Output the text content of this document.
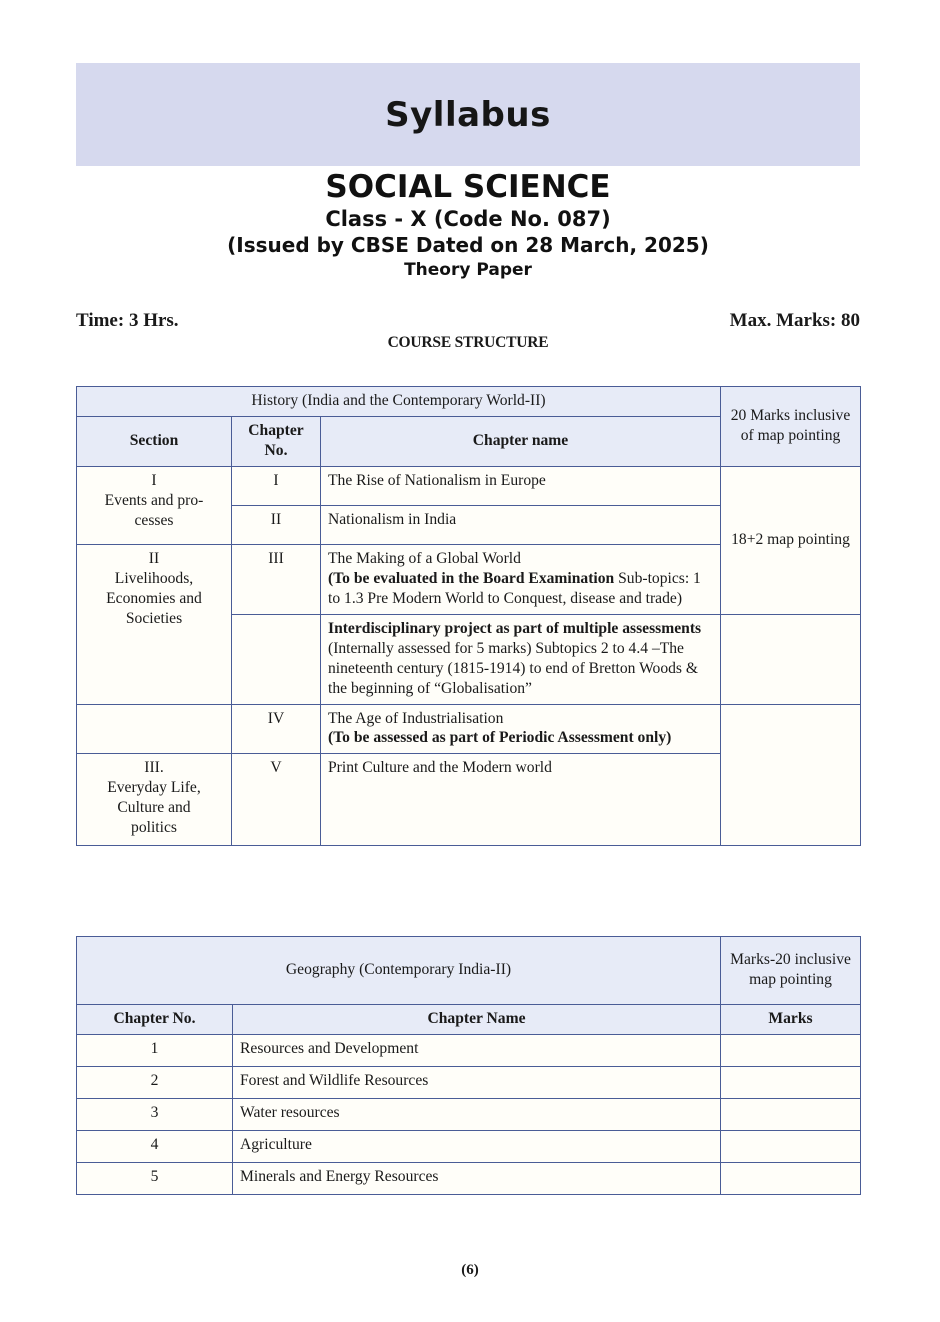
Syllabus
SOCIAL SCIENCE
Class - X (Code No. 087)
(Issued by CBSE Dated on 28 March, 2025)
Theory Paper
Time: 3 Hrs.	Max. Marks: 80
COURSE STRUCTURE
History (India and the Contemporary World-II)			20 Marks inclusive of map pointing
Section	Chapter No.	Chapter name	
I
Events and pro-
cesses	I	The Rise of Nationalism in Europe	18+2 map pointing
	II	Nationalism in India	
II
Livelihoods,
Economies and
Societies	III	The Making of a Global World
(To be evaluated in the Board Examination Sub-topics: 1 to 1.3 Pre Modern World to Conquest, disease and trade)

		Interdisciplinary project as part of multiple assessments
(Internally assessed for 5 marks) Subtopics 2 to 4.4 –The nineteenth century (1815-1914) to end of Bretton Woods & the beginning of “Globalisation”	

	IV	The Age of Industrialisation
(To be assessed as part of Periodic Assessment only)	

III.
Everyday Life,
Culture and
politics	V	Print Culture and the Modern world	
Geography (Contemporary India-II)		Marks-20 inclusive map pointing
Chapter No.	Chapter Name	Marks
1	Resources and Development	
2	Forest and Wildlife Resources	
3	Water resources	
4	Agriculture	
5	Minerals and Energy Resources	
(6)
